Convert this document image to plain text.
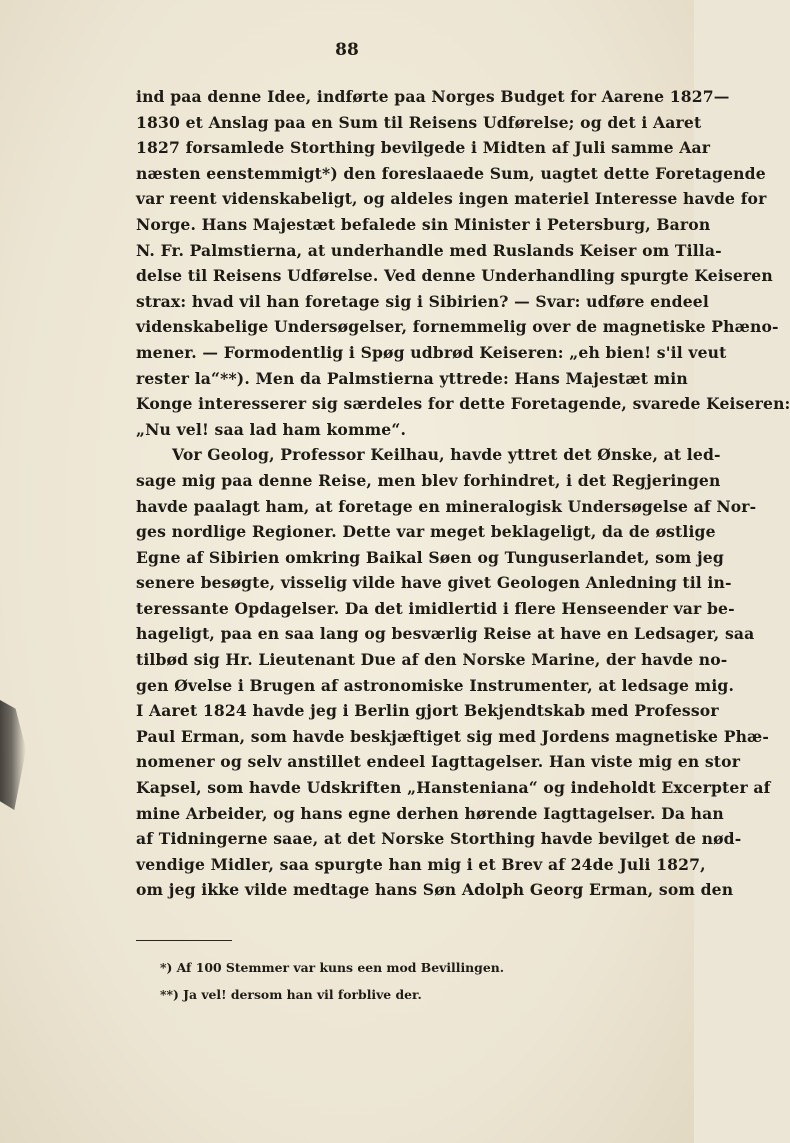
88
ind paa denne Idee, indførte paa Norges Budget for Aarene 1827—
1830 et Anslag paa en Sum til Reisens Udførelse; og det i Aaret
1827 forsamlede Storthing bevilgede i Midten af Juli samme Aar
næsten eenstemmigt*) den foreslaaede Sum, uagtet dette Foretagende
var reent videnskabeligt, og aldeles ingen materiel Interesse havde for
Norge. Hans Majestæt befalede sin Minister i Petersburg, Baron
N. Fr. Palmstierna, at underhandle med Ruslands Keiser om Tilla-
delse til Reisens Udførelse. Ved denne Underhandling spurgte Keiseren
strax: hvad vil han foretage sig i Sibirien? — Svar: udføre endeel
videnskabelige Undersøgelser, fornemmelig over de magnetiske Phæno-
mener. — Formodentlig i Spøg udbrød Keiseren: „eh bien! s'il veut
rester la“**). Men da Palmstierna yttrede: Hans Majestæt min
Konge interesserer sig særdeles for dette Foretagende, svarede Keiseren:
„Nu vel! saa lad ham komme“.
Vor Geolog, Professor Keilhau, havde yttret det Ønske, at led-
sage mig paa denne Reise, men blev forhindret, i det Regjeringen
havde paalagt ham, at foretage en mineralogisk Undersøgelse af Nor-
ges nordlige Regioner. Dette var meget beklageligt, da de østlige
Egne af Sibirien omkring Baikal Søen og Tunguserlandet, som jeg
senere besøgte, visselig vilde have givet Geologen Anledning til in-
teressante Opdagelser. Da det imidlertid i flere Henseender var be-
hageligt, paa en saa lang og besværlig Reise at have en Ledsager, saa
tilbød sig Hr. Lieutenant Due af den Norske Marine, der havde no-
gen Øvelse i Brugen af astronomiske Instrumenter, at ledsage mig.
I Aaret 1824 havde jeg i Berlin gjort Bekjendtskab med Professor
Paul Erman, som havde beskjæftiget sig med Jordens magnetiske Phæ-
nomener og selv anstillet endeel Iagttagelser. Han viste mig en stor
Kapsel, som havde Udskriften „Hansteniana“ og indeholdt Excerpter af
mine Arbeider, og hans egne derhen hørende Iagttagelser. Da han
af Tidningerne saae, at det Norske Storthing havde bevilget de nød-
vendige Midler, saa spurgte han mig i et Brev af 24de Juli 1827,
om jeg ikke vilde medtage hans Søn Adolph Georg Erman, som den
*) Af 100 Stemmer var kuns een mod Bevillingen.
**) Ja vel! dersom han vil forblive der.
